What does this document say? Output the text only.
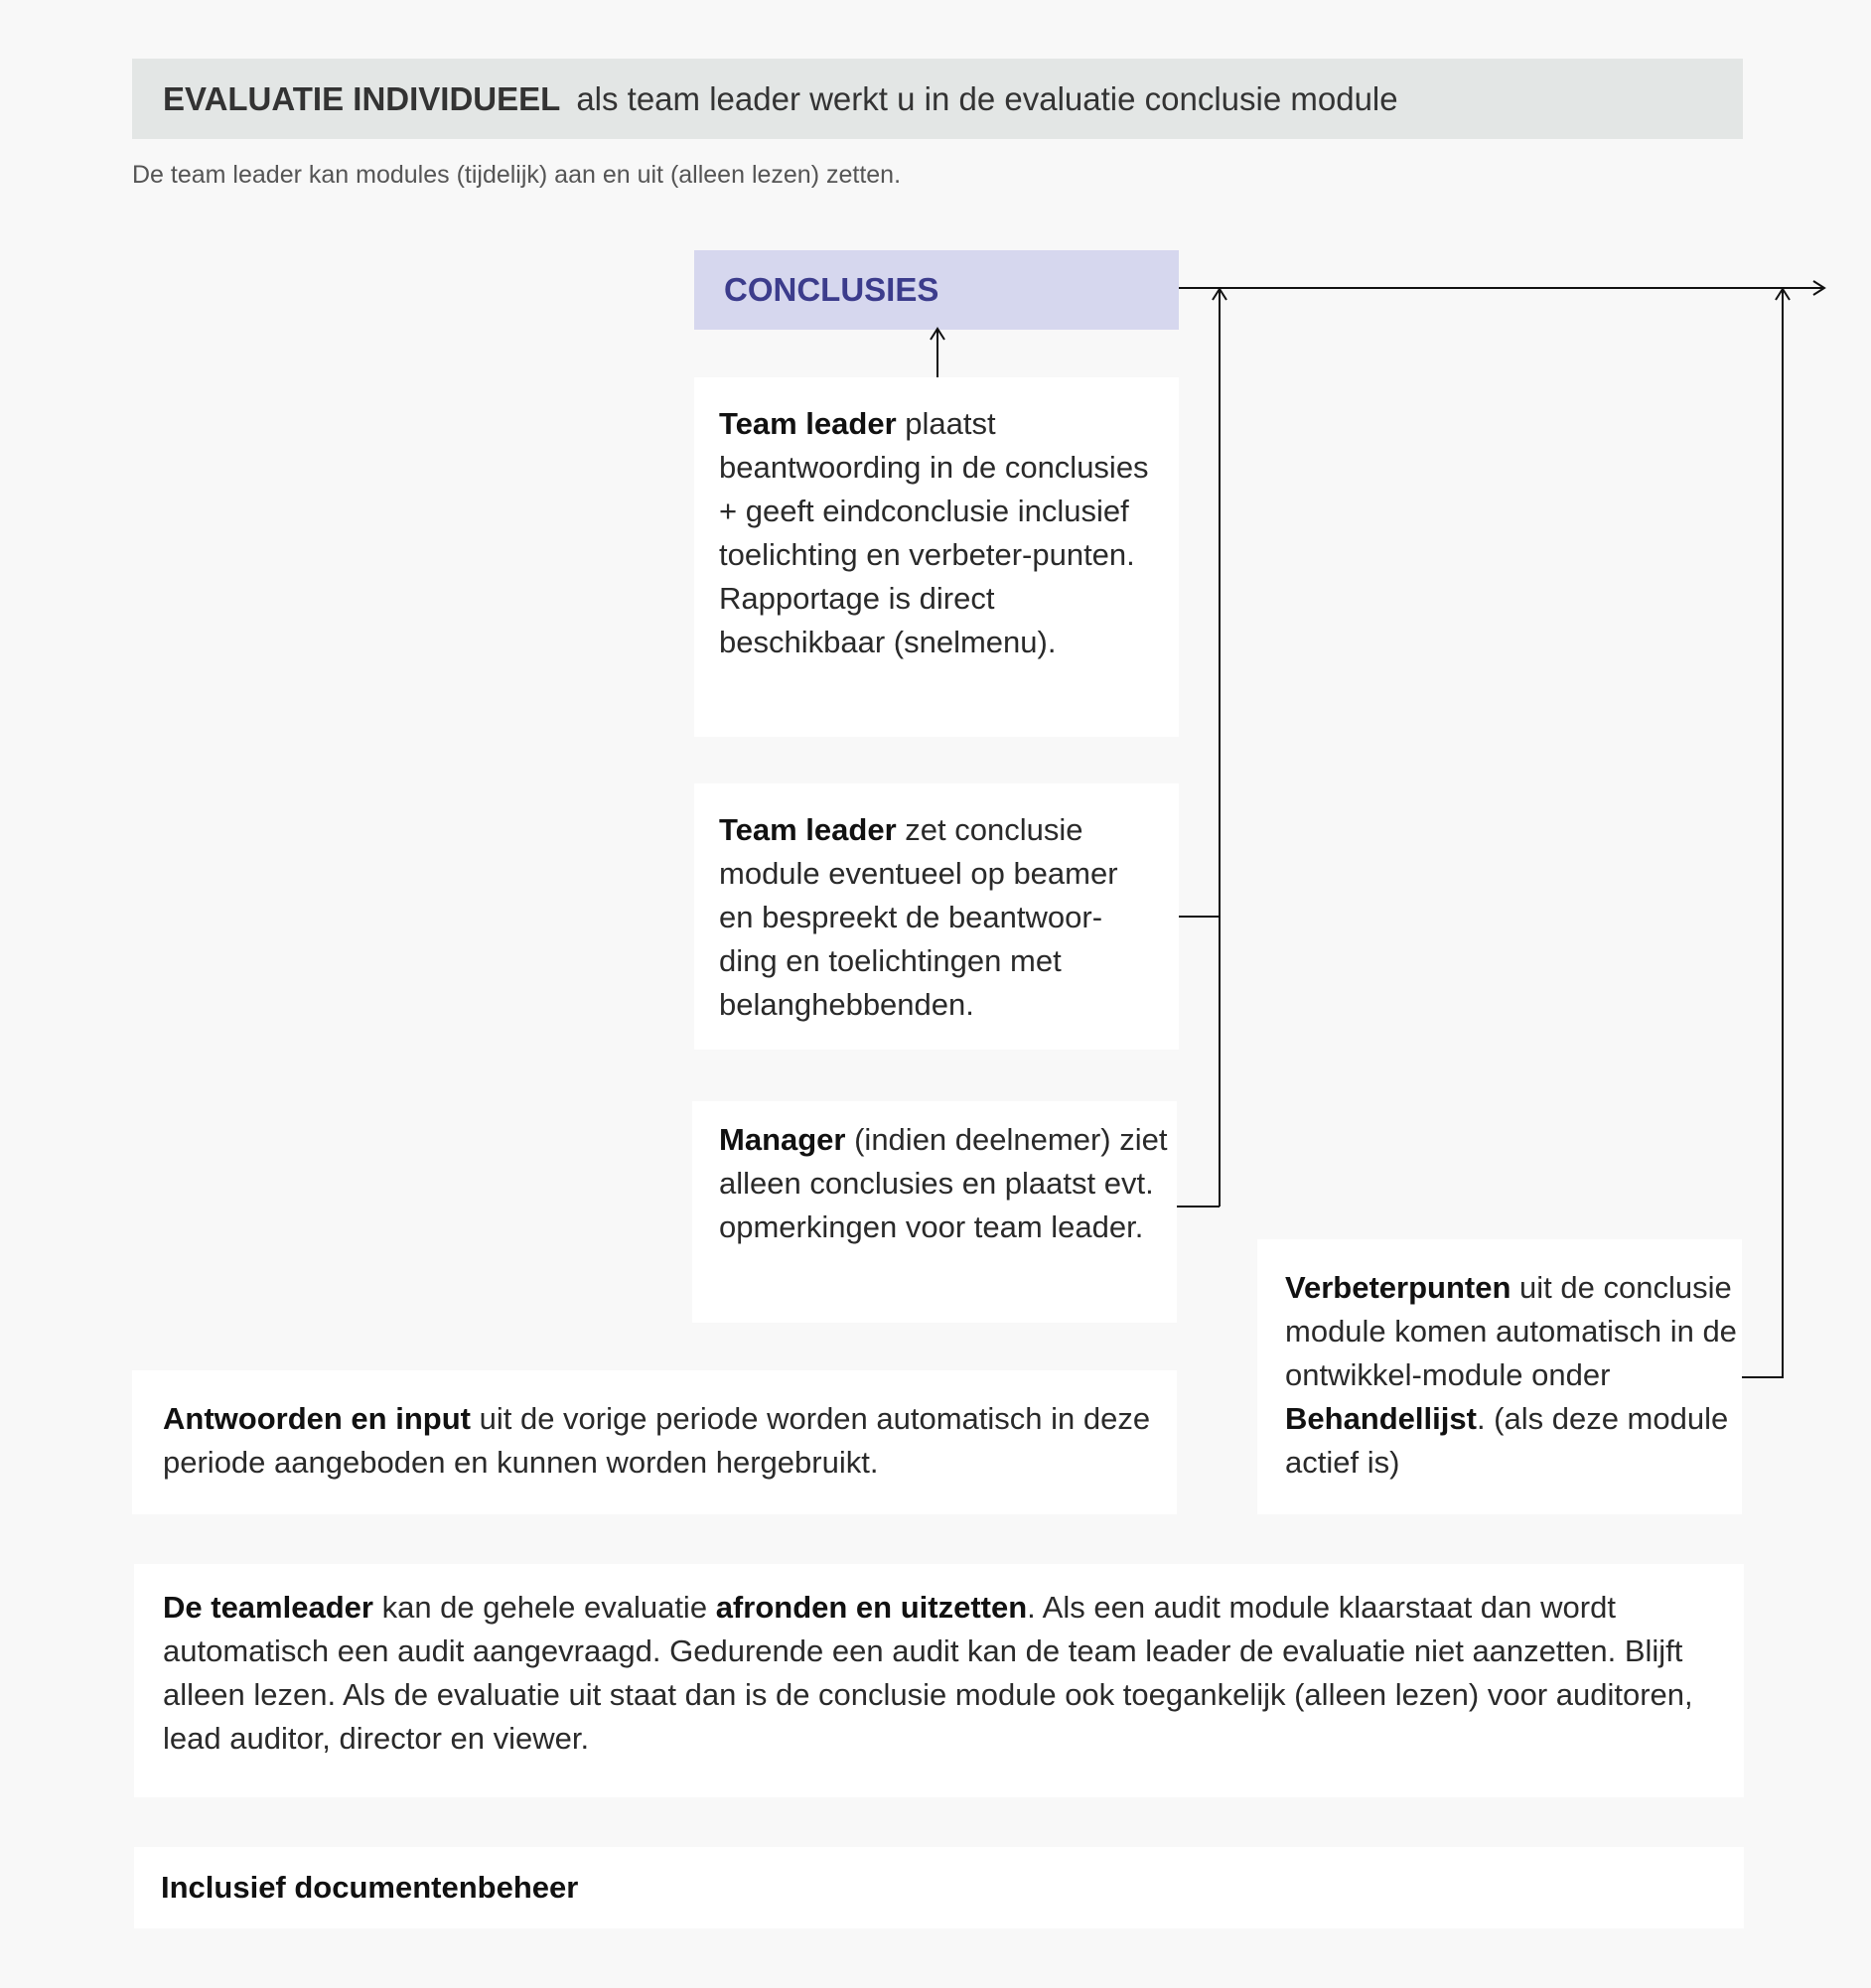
EVALUATIE INDIVIDUEEL als team leader werkt u in de evaluatie conclusie module
De team leader kan modules (tijdelijk) aan en uit (alleen lezen) zetten.
CONCLUSIES
Team leader plaatst beantwoording in de conclusies + geeft eindconclusie inclusief toelichting en verbeter-punten. Rapportage is direct beschikbaar (snelmenu).
Team leader zet conclusie module eventueel op beamer en bespreekt de beantwoor-ding en toelichtingen met belanghebbenden.
Manager (indien deelnemer) ziet alleen conclusies en plaatst evt. opmerkingen voor team leader.
Antwoorden en input uit de vorige periode worden automatisch in deze periode aangeboden en kunnen worden hergebruikt.
Verbeterpunten uit de conclusie module komen automatisch in de ontwikkel-module onder Behandellijst. (als deze module actief is)
De teamleader kan de gehele evaluatie afronden en uitzetten. Als een audit module klaarstaat dan wordt automatisch een audit aangevraagd. Gedurende een audit kan de team leader de evaluatie niet aanzetten. Blijft alleen lezen. Als de evaluatie uit staat dan is de conclusie module ook toegankelijk (alleen lezen) voor auditoren, lead auditor, director en viewer.
Inclusief documentenbeheer
